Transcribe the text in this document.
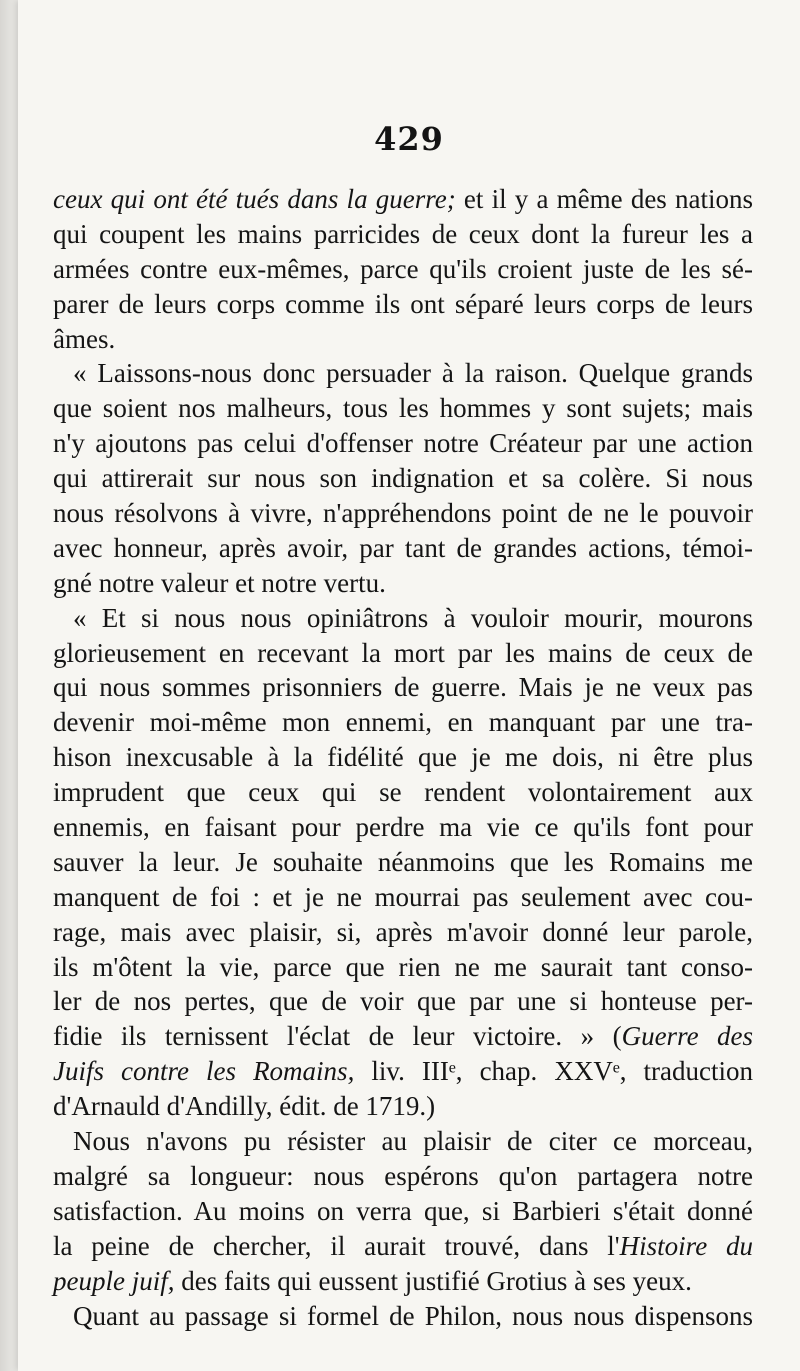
429
ceux qui ont été tués dans la guerre; et il y a même des nations
qui coupent les mains parricides de ceux dont la fureur les a
armées contre eux-mêmes, parce qu'ils croient juste de les sé-
parer de leurs corps comme ils ont séparé leurs corps de leurs
âmes.
« Laissons-nous donc persuader à la raison. Quelque grands
que soient nos malheurs, tous les hommes y sont sujets; mais
n'y ajoutons pas celui d'offenser notre Créateur par une action
qui attirerait sur nous son indignation et sa colère. Si nous
nous résolvons à vivre, n'appréhendons point de ne le pouvoir
avec honneur, après avoir, par tant de grandes actions, témoi-
gné notre valeur et notre vertu.
« Et si nous nous opiniâtrons à vouloir mourir, mourons
glorieusement en recevant la mort par les mains de ceux de
qui nous sommes prisonniers de guerre. Mais je ne veux pas
devenir moi-même mon ennemi, en manquant par une tra-
hison inexcusable à la fidélité que je me dois, ni être plus
imprudent que ceux qui se rendent volontairement aux
ennemis, en faisant pour perdre ma vie ce qu'ils font pour
sauver la leur. Je souhaite néanmoins que les Romains me
manquent de foi : et je ne mourrai pas seulement avec cou-
rage, mais avec plaisir, si, après m'avoir donné leur parole,
ils m'ôtent la vie, parce que rien ne me saurait tant conso-
ler de nos pertes, que de voir que par une si honteuse per-
fidie ils ternissent l'éclat de leur victoire. » (Guerre des
Juifs contre les Romains, liv. IIIᵉ, chap. XXVᵉ, traduction
d'Arnauld d'Andilly, édit. de 1719.)
Nous n'avons pu résister au plaisir de citer ce morceau,
malgré sa longueur: nous espérons qu'on partagera notre
satisfaction. Au moins on verra que, si Barbieri s'était donné
la peine de chercher, il aurait trouvé, dans l'Histoire du
peuple juif, des faits qui eussent justifié Grotius à ses yeux.
Quant au passage si formel de Philon, nous nous dispensons
